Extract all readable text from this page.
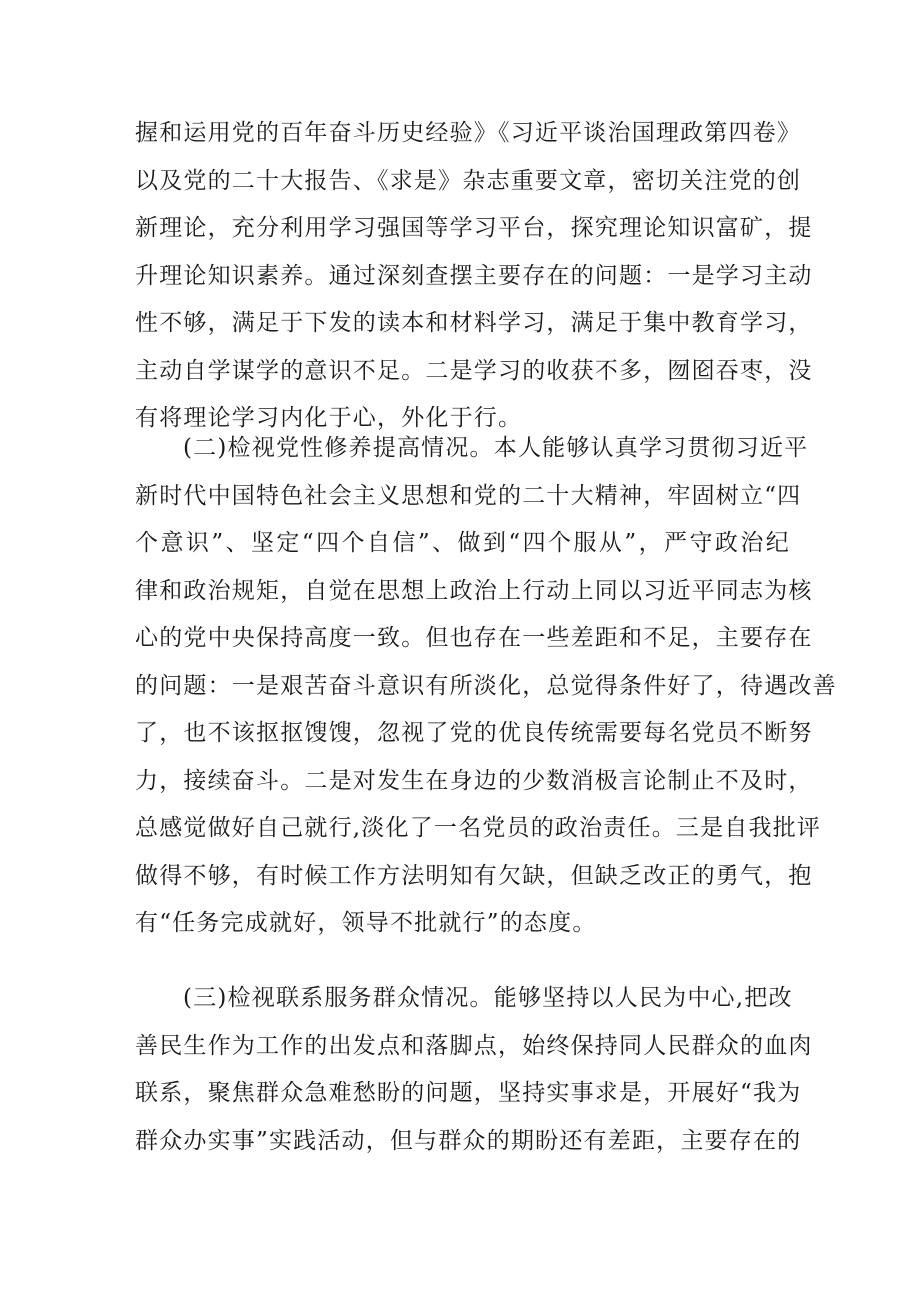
握和运用党的百年奋斗历史经验》《习近平谈治国理政第四卷》
以及党的二十大报告、《求是》杂志重要文章，密切关注党的创
新理论，充分利用学习强国等学习平台，探究理论知识富矿，提
升理论知识素养。通过深刻查摆主要存在的问题：一是学习主动
性不够，满足于下发的读本和材料学习，满足于集中教育学习，
主动自学谋学的意识不足。二是学习的收获不多，囫囵吞枣，没
有将理论学习内化于心，外化于行。
(二)检视党性修养提高情况。本人能够认真学习贯彻习近平
新时代中国特色社会主义思想和党的二十大精神，牢固树立“四
个意识”、坚定“四个自信”、做到“四个服从”，严守政治纪
律和政治规矩，自觉在思想上政治上行动上同以习近平同志为核
心的党中央保持高度一致。但也存在一些差距和不足，主要存在
的问题：一是艰苦奋斗意识有所淡化，总觉得条件好了，待遇改善
了，也不该抠抠馊馊，忽视了党的优良传统需要每名党员不断努
力，接续奋斗。二是对发生在身边的少数消极言论制止不及时，
总感觉做好自己就行,淡化了一名党员的政治责任。三是自我批评
做得不够，有时候工作方法明知有欠缺，但缺乏改正的勇气，抱
有“任务完成就好，领导不批就行”的态度。
(三)检视联系服务群众情况。能够坚持以人民为中心,把改
善民生作为工作的出发点和落脚点，始终保持同人民群众的血肉
联系，聚焦群众急难愁盼的问题，坚持实事求是，开展好“我为
群众办实事”实践活动，但与群众的期盼还有差距，主要存在的
